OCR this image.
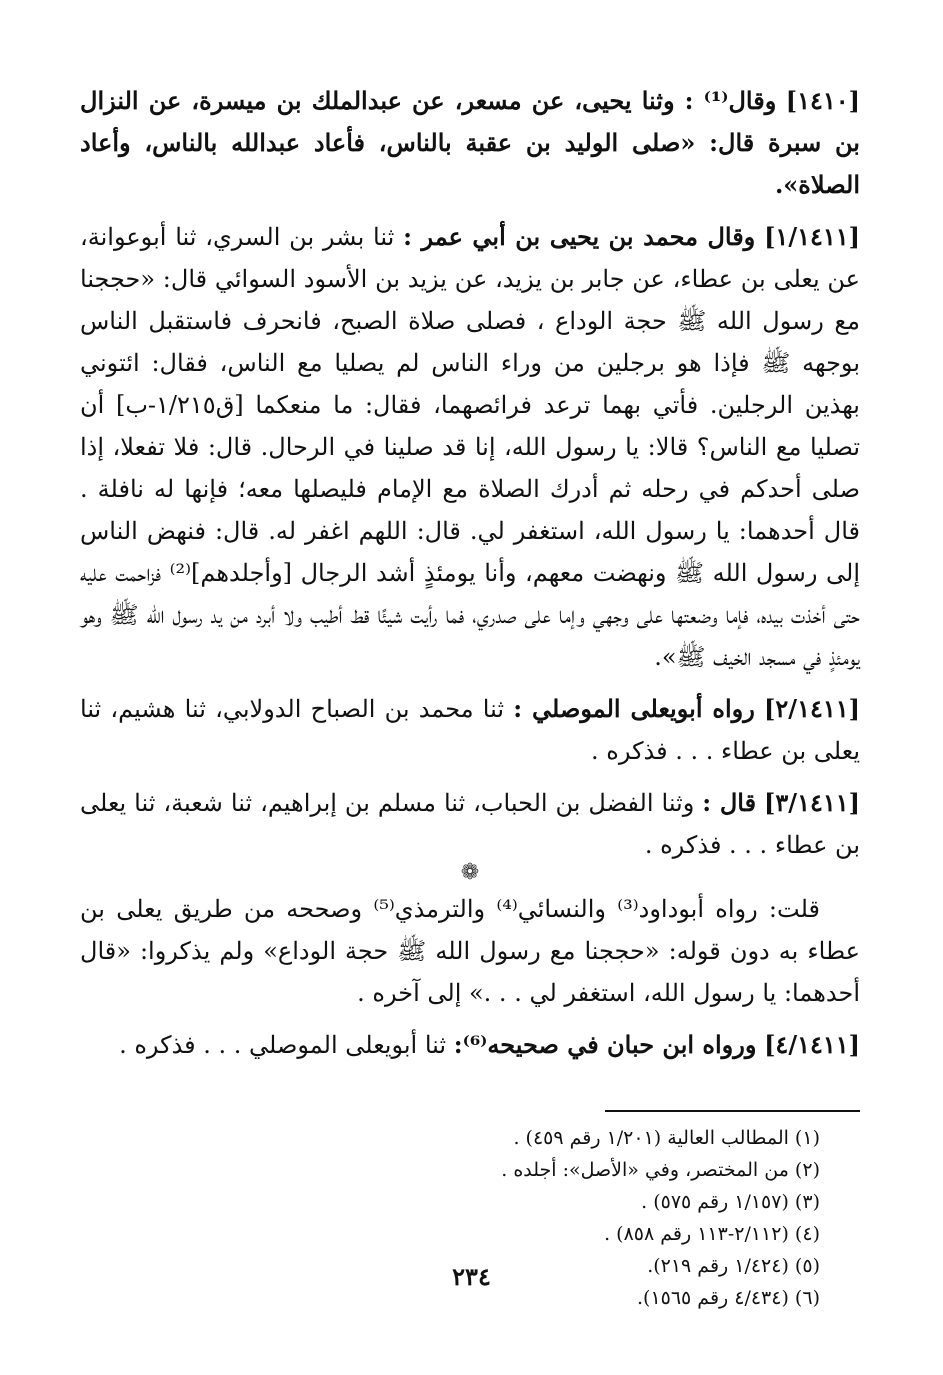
[١٤١٠] وقال⁽¹⁾ : وثنا يحيى، عن مسعر، عن عبدالملك بن ميسرة، عن النزال بن سبرة قال: «صلى الوليد بن عقبة بالناس، فأعاد عبدالله بالناس، وأعاد الصلاة».

[١/١٤١١] وقال محمد بن يحيى بن أبي عمر : ثنا بشر بن السري، ثنا أبوعوانة، عن يعلى بن عطاء، عن جابر بن يزيد، عن يزيد بن الأسود السوائي قال: «حججنا مع رسول الله ﷺ حجة الوداع ، فصلى صلاة الصبح، فانحرف فاستقبل الناس بوجهه ﷺ فإذا هو برجلين من وراء الناس لم يصليا مع الناس، فقال: ائتوني بهذين الرجلين. فأتي بهما ترعد فرائصهما، فقال: ما منعكما [ق١/٢١٥-ب] أن تصليا مع الناس؟ قالا: يا رسول الله، إنا قد صلينا في الرحال. قال: فلا تفعلا، إذا صلى أحدكم في رحله ثم أدرك الصلاة مع الإمام فليصلها معه؛ فإنها له نافلة . قال أحدهما: يا رسول الله، استغفر لي. قال: اللهم اغفر له. قال: فنهض الناس إلى رسول الله ﷺ ونهضت معهم، وأنا يومئذٍ أشد الرجال [وأجلدهم]⁽²⁾ فزاحمت عليه حتى أخذت بيده، فإما وضعتها على وجهي وإما على صدري، فما رأيت شيئًا قط أطيب ولا أبرد من يد رسول الله ﷺ وهو يومئذٍ في مسجد الخيف ﷺ».

[٢/١٤١١] رواه أبويعلى الموصلي : ثنا محمد بن الصباح الدولابي، ثنا هشيم، ثنا يعلى بن عطاء . . . فذكره .

[٣/١٤١١] قال : وثنا الفضل بن الحباب، ثنا مسلم بن إبراهيم، ثنا شعبة، ثنا يعلى بن عطاء . . . فذكره .

❁

قلت: رواه أبوداود⁽³⁾ والنسائي⁽⁴⁾ والترمذي⁽⁵⁾ وصححه من طريق يعلى بن عطاء به دون قوله: «حججنا مع رسول الله ﷺ حجة الوداع» ولم يذكروا: «قال أحدهما: يا رسول الله، استغفر لي . . .» إلى آخره .

[٤/١٤١١] ورواه ابن حبان في صحيحه⁽⁶⁾: ثنا أبويعلى الموصلي . . . فذكره .

(١) المطالب العالية (١/٢٠١ رقم ٤٥٩) .
(٢) من المختصر، وفي «الأصل»: أجلده .
(٣) (١/١٥٧ رقم ٥٧٥) .
(٤) (٢/١١٢-١١٣ رقم ٨٥٨) .
(٥) (١/٤٢٤ رقم ٢١٩).
(٦) (٤/٤٣٤ رقم ١٥٦٥).
٢٣٤
